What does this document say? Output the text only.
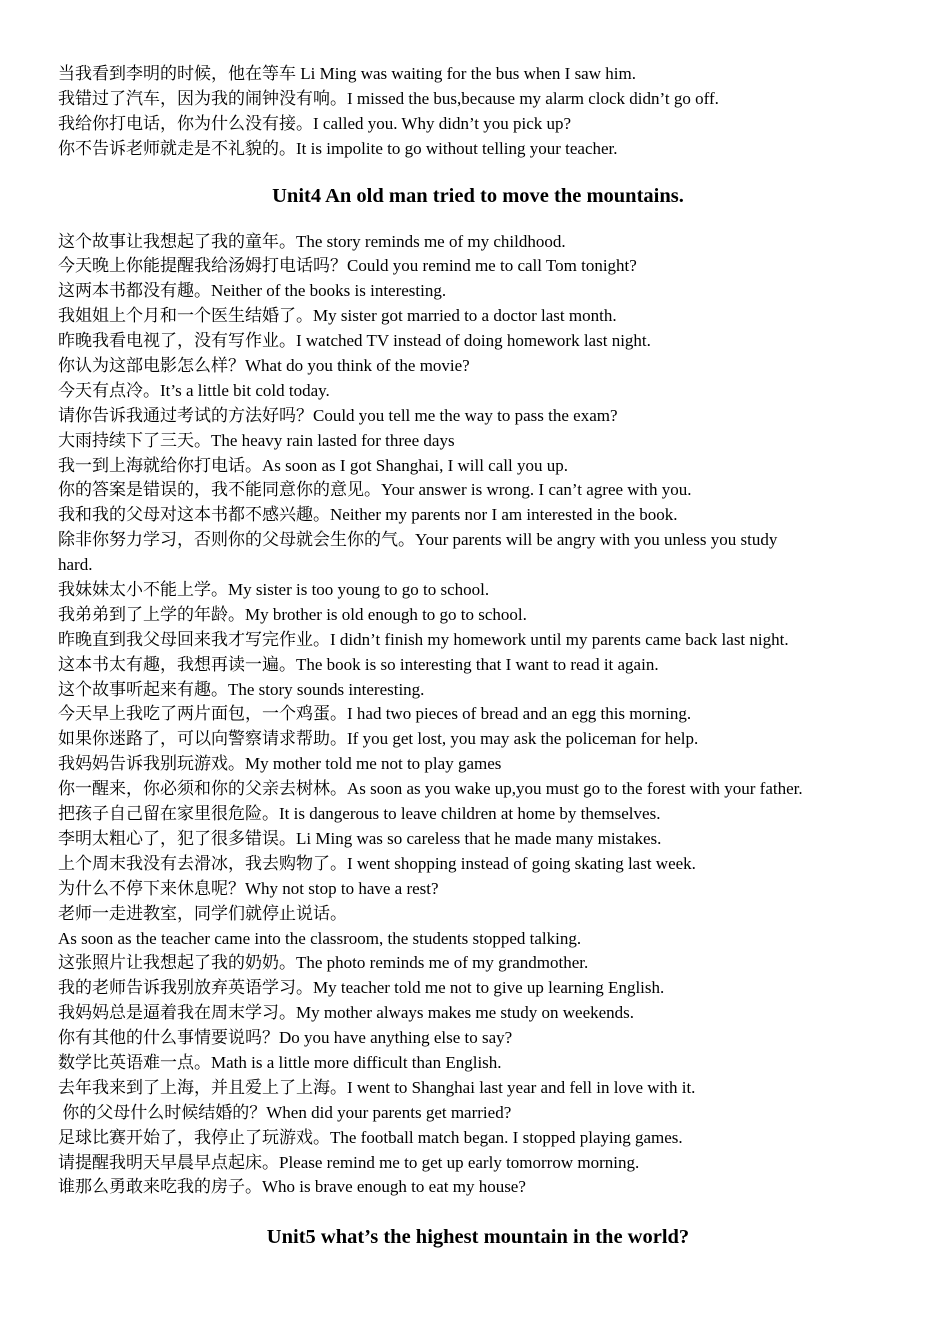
当我看到李明的时候，他在等车 Li Ming was waiting for the bus when I saw him.
我错过了汽车，因为我的闹钟没有响。I missed the bus,because my alarm clock didn’t go off.
我给你打电话，你为什么没有接。I called you. Why didn’t you pick up?
你不告诉老师就走是不礼貌的。It is impolite to go without telling your teacher.
Unit4 An old man tried to move the mountains.
这个故事让我想起了我的童年。The story reminds me of my childhood.
今天晚上你能提醒我给汤姆打电话吗？Could you remind me to call Tom tonight?
这两本书都没有趣。Neither of the books is interesting.
我姐姐上个月和一个医生结婚了。My sister got married to a doctor last month.
昨晚我看电视了，没有写作业。I watched TV instead of doing homework last night.
你认为这部电影怎么样？What do you think of the movie?
今天有点冷。It’s a little bit cold today.
请你告诉我通过考试的方法好吗？Could you tell me the way to pass the exam?
大雨持续下了三天。The heavy rain lasted for three days
我一到上海就给你打电话。As soon as I got Shanghai, I will call you up.
你的答案是错误的，我不能同意你的意见。Your answer is wrong. I can’t agree with you.
我和我的父母对这本书都不感兴趣。Neither my parents nor I am interested in the book.
除非你努力学习，否则你的父母就会生你的气。Your parents will be angry with you unless you study
hard.
我妹妹太小不能上学。My sister is too young to go to school.
我弟弟到了上学的年龄。My brother is old enough to go to school.
昨晚直到我父母回来我才写完作业。I didn’t finish my homework until my parents came back last night.
这本书太有趣，我想再读一遍。The book is so interesting that I want to read it again.
这个故事听起来有趣。The story sounds interesting.
今天早上我吃了两片面包，一个鸡蛋。I had two pieces of bread and an egg this morning.
如果你迷路了，可以向警察请求帮助。If you get lost, you may ask the policeman for help.
我妈妈告诉我别玩游戏。My mother told me not to play games
你一醒来，你必须和你的父亲去树林。As soon as you wake up,you must go to the forest with your father.
把孩子自己留在家里很危险。It is dangerous to leave children at home by themselves.
李明太粗心了，犯了很多错误。Li Ming was so careless that he made many mistakes.
上个周末我没有去滑冰，我去购物了。I went shopping instead of going skating last week.
为什么不停下来休息呢？Why not stop to have a rest?
老师一走进教室，同学们就停止说话。
As soon as the teacher came into the classroom, the students stopped talking.
这张照片让我想起了我的奶奶。The photo reminds me of my grandmother.
我的老师告诉我别放弃英语学习。My teacher told me not to give up learning English.
我妈妈总是逼着我在周末学习。My mother always makes me study on weekends.
你有其他的什么事情要说吗？Do you have anything else to say?
数学比英语难一点。Math is a little more difficult than English.
去年我来到了上海，并且爱上了上海。I went to Shanghai last year and fell in love with it.
你的父母什么时候结婚的？When did your parents get married?
足球比赛开始了，我停止了玩游戏。The football match began. I stopped playing games.
请提醒我明天早晨早点起床。Please remind me to get up early tomorrow morning.
谁那么勇敢来吃我的房子。Who is brave enough to eat my house?
Unit5 what’s the highest mountain in the world?
